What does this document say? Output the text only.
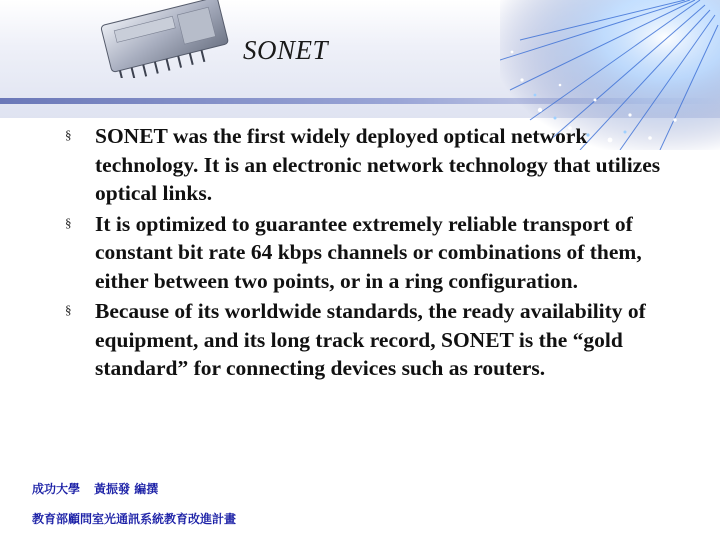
SONET
§ SONET was the first widely deployed optical network technology. It is an electronic network technology that utilizes optical links.
§ It is optimized to guarantee extremely reliable transport of constant bit rate 64 kbps channels or combinations of them, either between two points, or in a ring configuration.
§ Because of its worldwide standards, the ready availability of equipment, and its long track record, SONET is the “gold standard” for connecting devices such as routers.
成功大學 黃振發 編撰
教育部顧問室光通訊系統教育改進計畫
